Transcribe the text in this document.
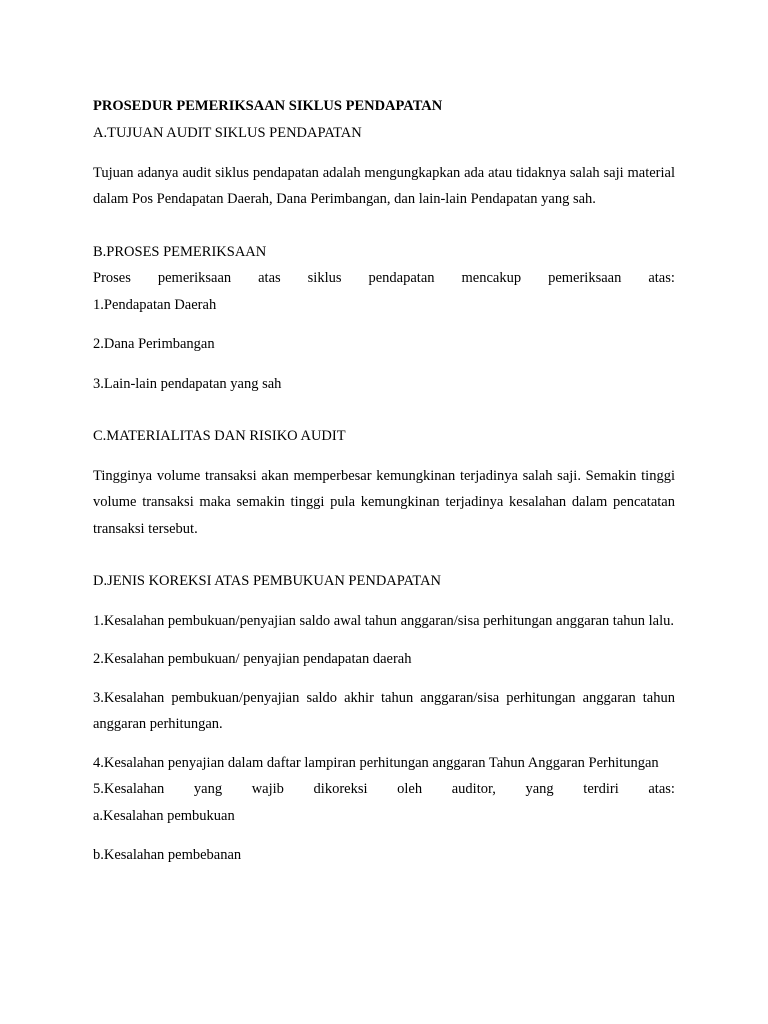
PROSEDUR PEMERIKSAAN SIKLUS PENDAPATAN

A.TUJUAN AUDIT SIKLUS PENDAPATAN

Tujuan adanya audit siklus pendapatan adalah mengungkapkan ada atau tidaknya salah saji material dalam Pos Pendapatan Daerah, Dana Perimbangan, dan lain-lain Pendapatan yang sah.

B.PROSES PEMERIKSAAN

Proses pemeriksaan atas siklus pendapatan mencakup pemeriksaan atas:

1.Pendapatan Daerah

2.Dana Perimbangan

3.Lain-lain pendapatan yang sah

C.MATERIALITAS DAN RISIKO AUDIT

Tingginya volume transaksi akan memperbesar kemungkinan terjadinya salah saji. Semakin tinggi volume transaksi maka semakin tinggi pula kemungkinan terjadinya kesalahan dalam pencatatan transaksi tersebut.

D.JENIS KOREKSI ATAS PEMBUKUAN PENDAPATAN

1.Kesalahan pembukuan/penyajian saldo awal tahun anggaran/sisa perhitungan anggaran tahun lalu.

2.Kesalahan pembukuan/ penyajian pendapatan daerah

3.Kesalahan pembukuan/penyajian saldo akhir tahun anggaran/sisa perhitungan anggaran tahun anggaran perhitungan.

4.Kesalahan penyajian dalam daftar lampiran perhitungan anggaran Tahun Anggaran Perhitungan

5.Kesalahan yang wajib dikoreksi oleh auditor, yang terdiri atas:

a.Kesalahan pembukuan

b.Kesalahan pembebanan
